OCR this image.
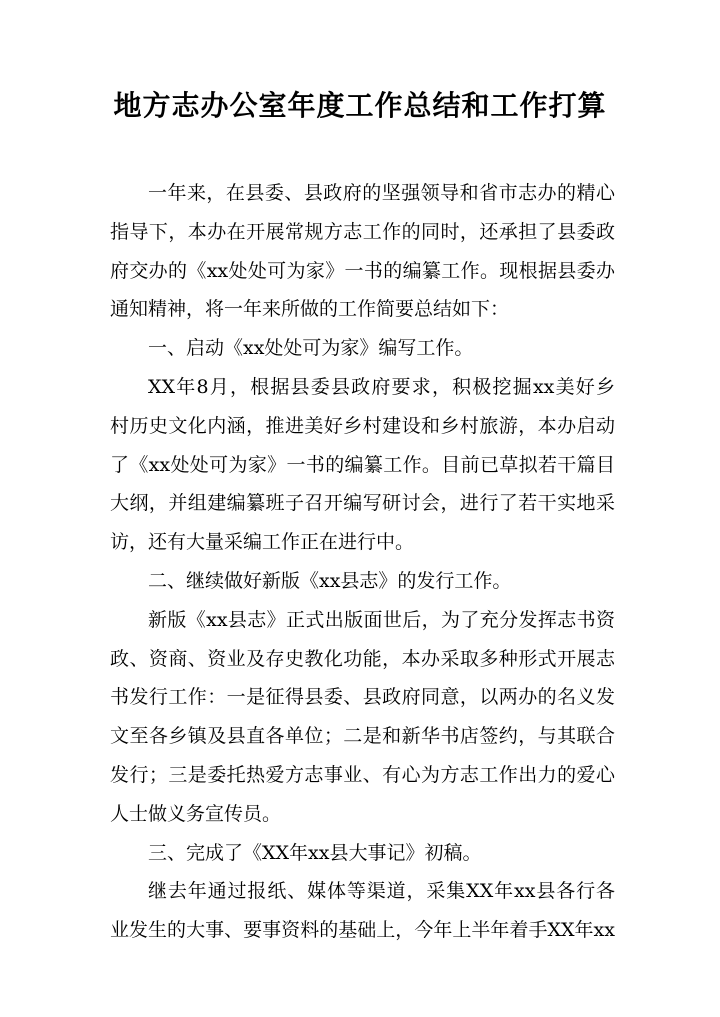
地方志办公室年度工作总结和工作打算
一年来，在县委、县政府的坚强领导和省市志办的精心
指导下，本办在开展常规方志工作的同时，还承担了县委政
府交办的《xx处处可为家》一书的编纂工作。现根据县委办
通知精神，将一年来所做的工作简要总结如下：
一、启动《xx处处可为家》编写工作。
XX年8月，根据县委县政府要求，积极挖掘xx美好乡
村历史文化内涵，推进美好乡村建设和乡村旅游，本办启动
了《xx处处可为家》一书的编纂工作。目前已草拟若干篇目
大纲，并组建编纂班子召开编写研讨会，进行了若干实地采
访，还有大量采编工作正在进行中。
二、继续做好新版《xx县志》的发行工作。
新版《xx县志》正式出版面世后，为了充分发挥志书资
政、资商、资业及存史教化功能，本办采取多种形式开展志
书发行工作：一是征得县委、县政府同意，以两办的名义发
文至各乡镇及县直各单位；二是和新华书店签约，与其联合
发行；三是委托热爱方志事业、有心为方志工作出力的爱心
人士做义务宣传员。
三、完成了《XX年xx县大事记》初稿。
继去年通过报纸、媒体等渠道，采集XX年xx县各行各
业发生的大事、要事资料的基础上，今年上半年着手XX年xx
